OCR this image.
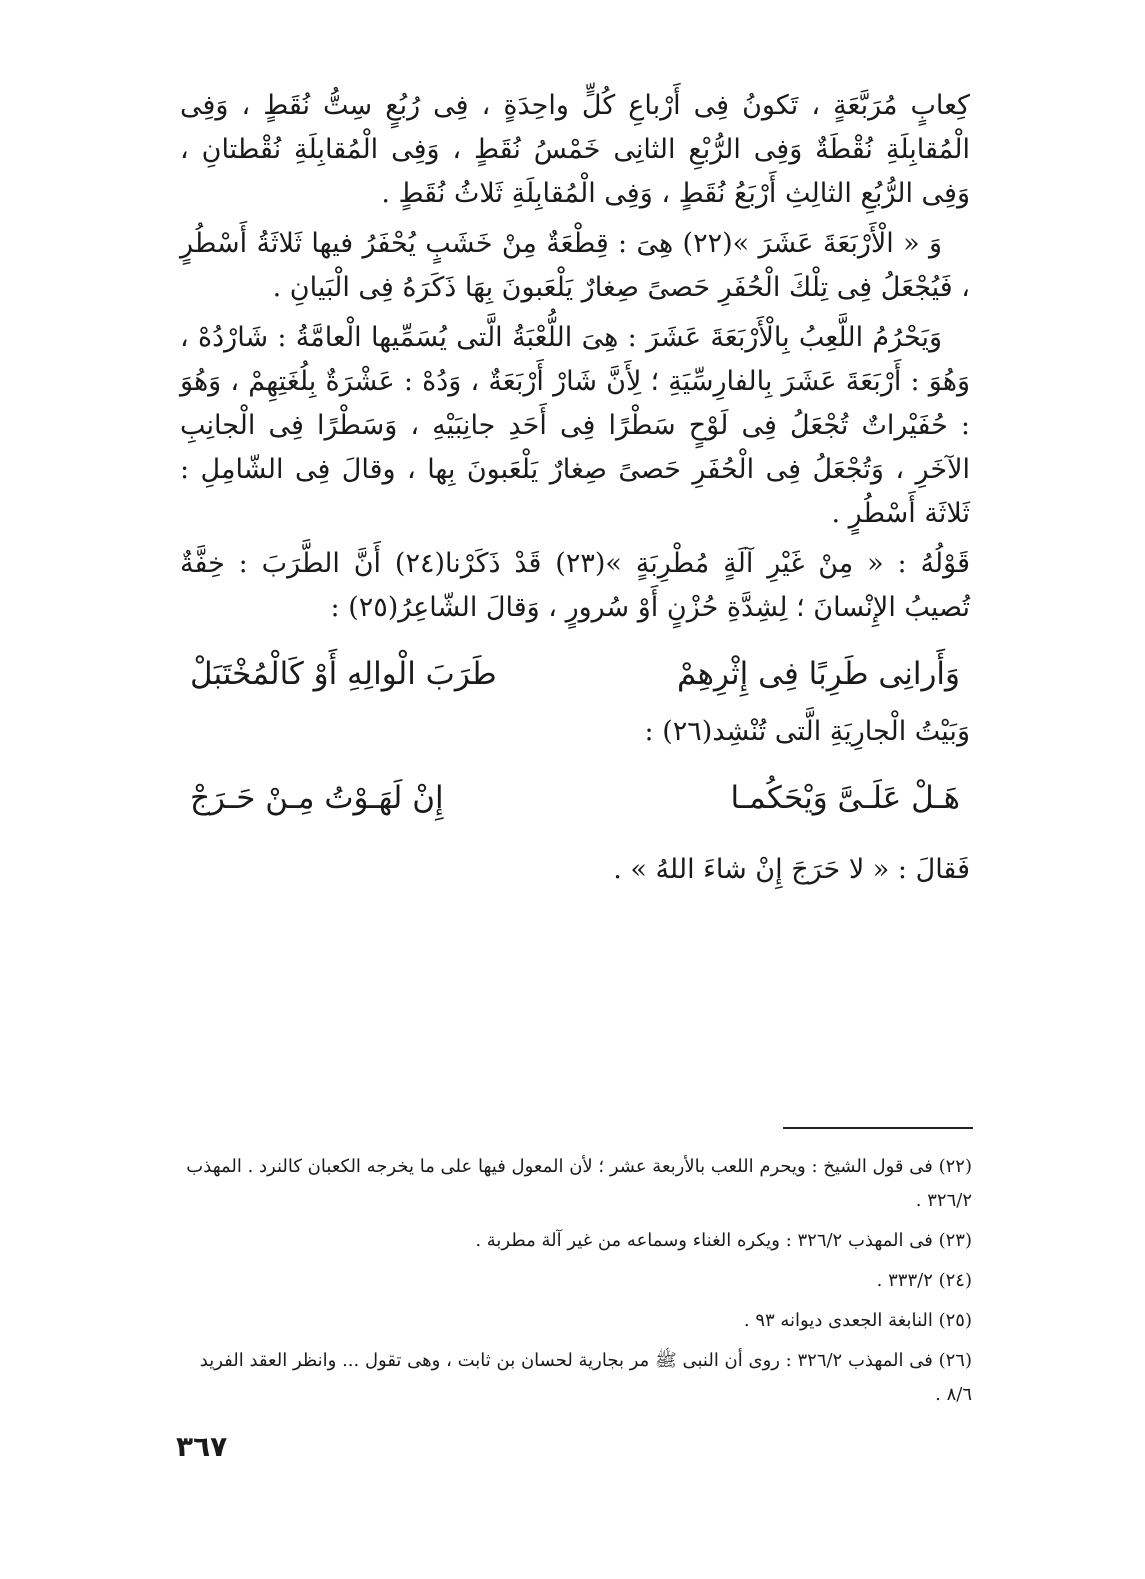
كِعابٍ مُرَبَّعَةٍ ، تَكونُ فِى أَرْباعِ كُلٍّ واحِدَةٍ ، فِى رُبُعٍ سِتُّ نُقَطٍ ، وَفِى الْمُقابِلَةِ نُقْطَةٌ وَفِى الرُّبْعِ الثانِى خَمْسُ نُقَطٍ ، وَفِى الْمُقابِلَةِ نُقْطتانِ ، وَفِى الرُّبُعِ الثالِثِ أَرْبَعُ نُقَطٍ ، وَفِى الْمُقابِلَةِ ثَلاثُ نُقَطٍ .

وَ « الْأَرْبَعَةَ عَشَرَ »(٢٢) هِىَ : قِطْعَةٌ مِنْ خَشَبٍ يُحْفَرُ فيها ثَلاثَةُ أَسْطُرٍ ، فَيُجْعَلُ فِى تِلْكَ الْحُفَرِ حَصىً صِغارٌ يَلْعَبونَ بِهَا ذَكَرَهُ فِى الْبَيانِ .

وَيَحْرُمُ اللَّعِبُ بِالْأَرْبَعَةَ عَشَرَ : هِىَ اللُّعْبَةُ الَّتى يُسَمِّيها الْعامَّةُ : شَارْدُهْ ، وَهُوَ : أَرْبَعَةَ عَشَرَ بِالفارِسِّيَةِ ؛ لِأَنَّ شَارْ أَرْبَعَةٌ ، وَدُهْ : عَشْرَةٌ بِلُغَتِهِمْ ، وَهُوَ : حُفَيْراتٌ تُجْعَلُ فِى لَوْحٍ سَطْرًا فِى أَحَدِ جانِبَيْهِ ، وَسَطْرًا فِى الْجانِبِ الآخَرِ ، وَتُجْعَلُ فِى الْحُفَرِ حَصىً صِغارٌ يَلْعَبونَ بِها ، وقالَ فِى الشّامِلِ : ثَلاثَة أَسْطُرٍ .

قَوْلُهُ : « مِنْ غَيْرِ آلَةٍ مُطْرِبَةٍ »(٢٣) قَدْ ذَكَرْنا(٢٤) أَنَّ الطَّرَبَ : خِفَّةٌ تُصيبُ الإِنْسانَ ؛ لِشِدَّةِ حُزْنٍ أَوْ سُرورٍ ، وَقالَ الشّاعِرُ(٢٥) :

وَأَرانِى طَرِبًا فِى إِثْرِهِمْ
طَرَبَ الْوالِهِ أَوْ كَالْمُخْتَبَلْ

وَبَيْتُ الْجارِيَةِ الَّتى تُنْشِد(٢٦) :

هَـلْ عَلَـىَّ وَيْحَكُمـا
إِنْ لَهَـوْتُ مِـنْ حَـرَجْ

فَقالَ : « لا حَرَجَ إِنْ شاءَ اللهُ » .

(٢٢) فى قول الشيخ : ويحرم اللعب بالأربعة عشر ؛ لأن المعول فيها على ما يخرجه الكعبان كالنرد . المهذب ٣٢٦/٢ .

(٢٣) فى المهذب ٣٢٦/٢ : ويكره الغناء وسماعه من غير آلة مطربة .

(٢٤) ٣٣٣/٢ .

(٢٥) النابغة الجعدى ديوانه ٩٣ .

(٢٦) فى المهذب ٣٢٦/٢ : روى أن النبى ﷺ مر بجارية لحسان بن ثابت ، وهى تقول ... وانظر العقد الفريد ٨/٦ .

٣٦٧
